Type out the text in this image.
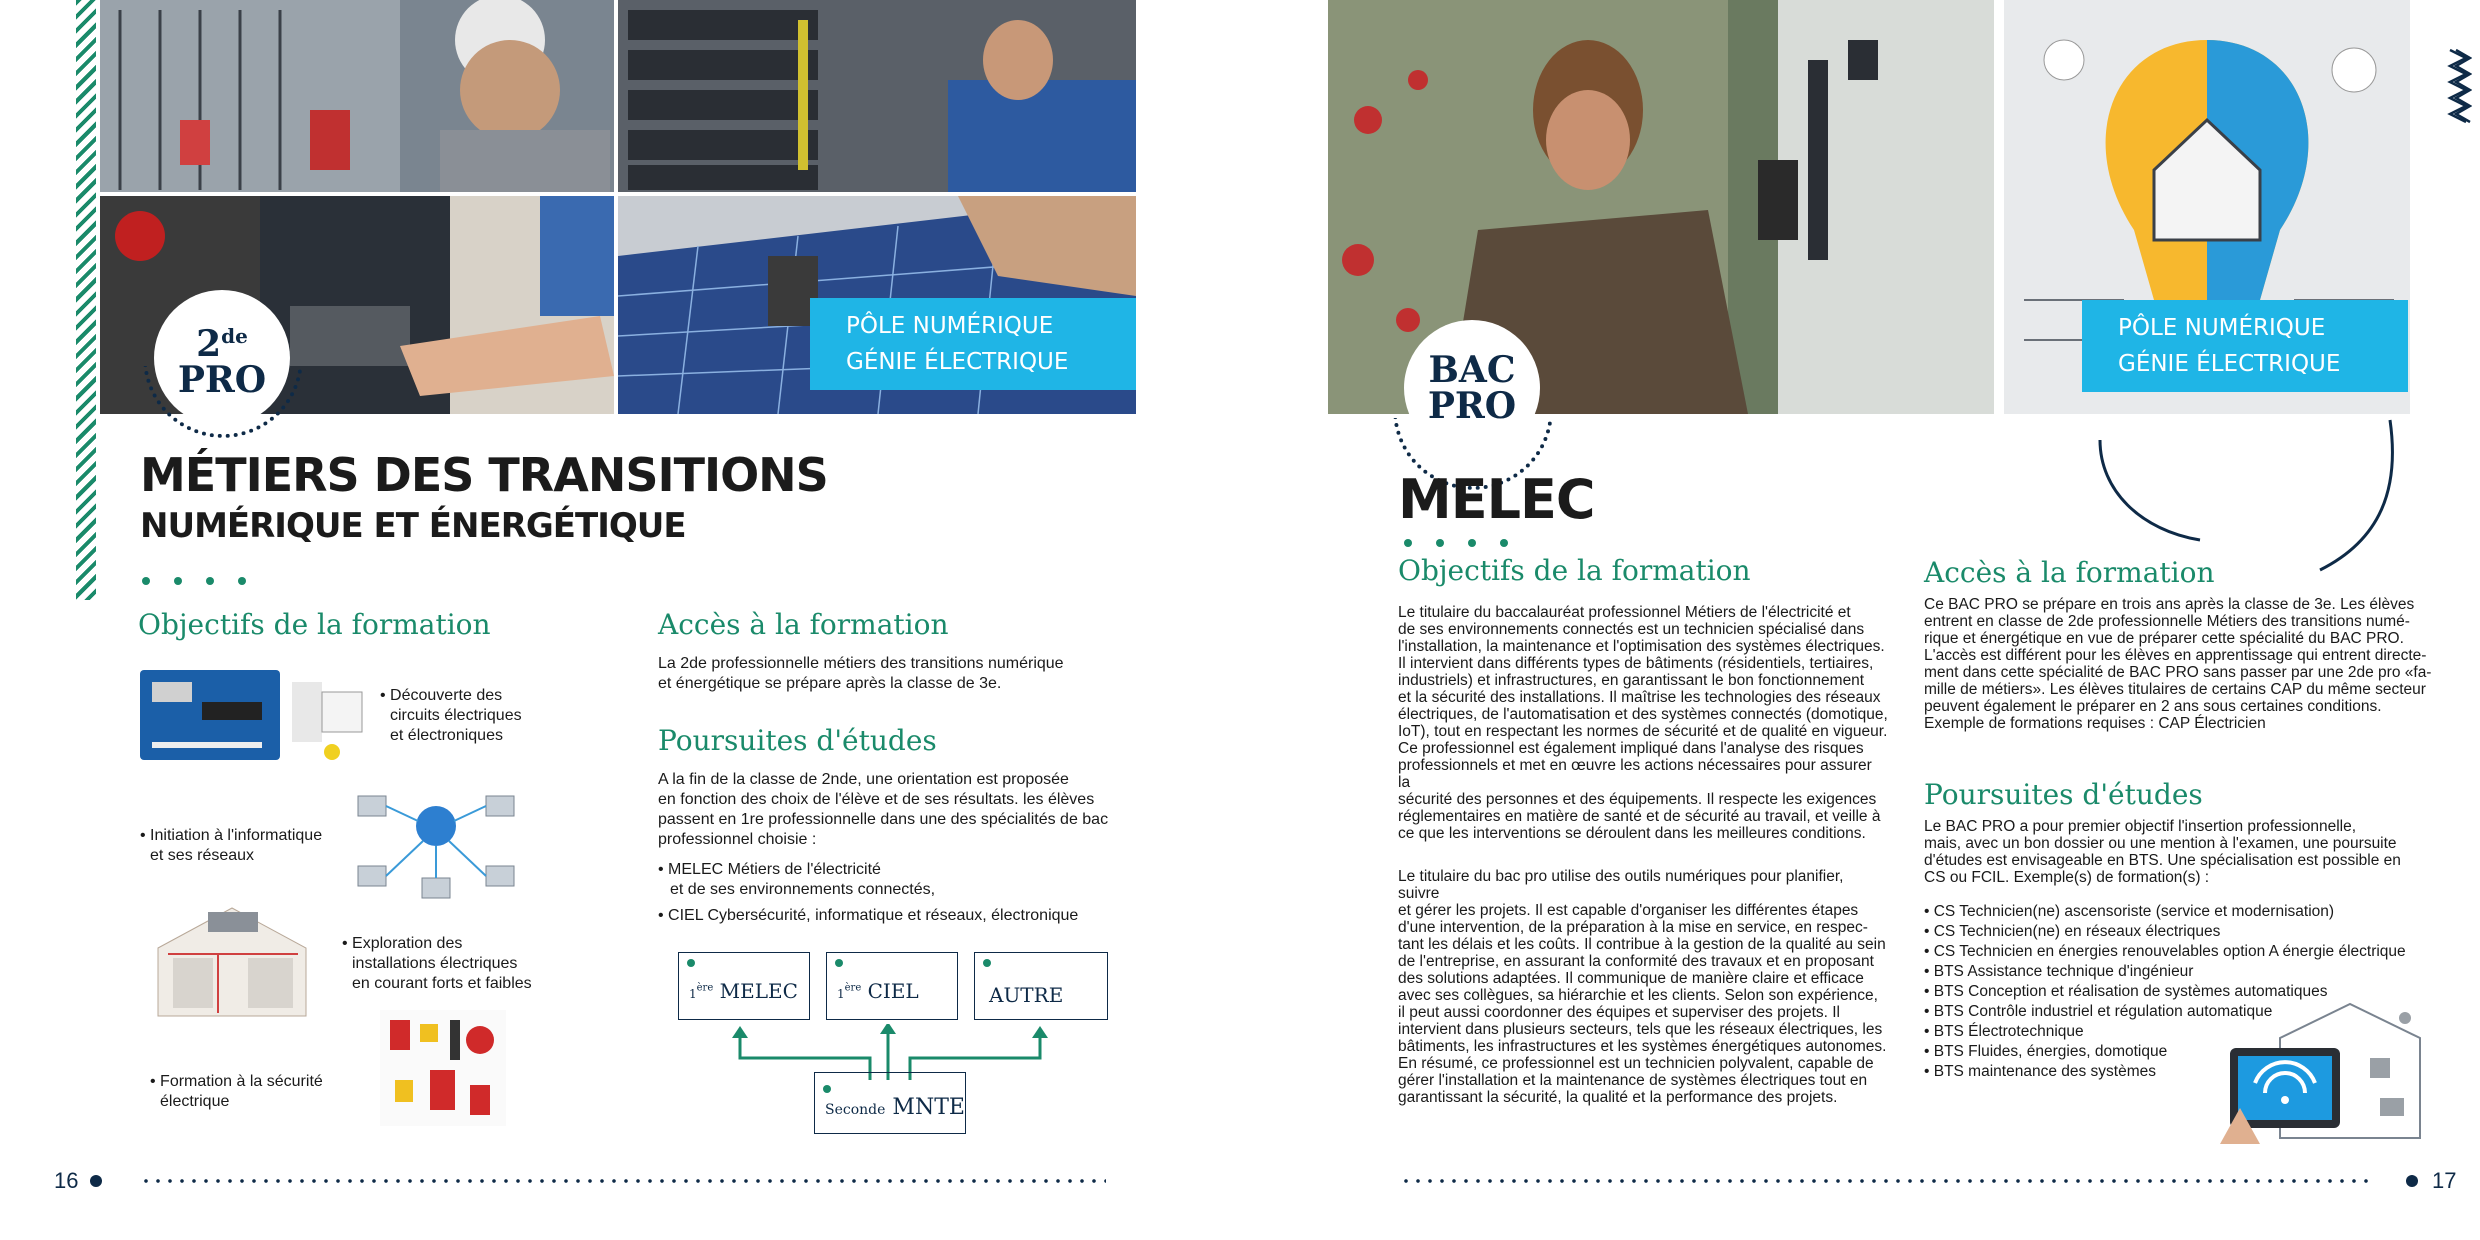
2de
PRO
PÔLE NUMÉRIQUE
GÉNIE ÉLECTRIQUE
MÉTIERS DES TRANSITIONS
NUMÉRIQUE ET ÉNERGÉTIQUE
Objectifs de la formation
• Découverte des
circuits électriques
et électroniques
• Initiation à l'informatique
et ses réseaux
• Exploration des
installations électriques
en courant forts et faibles
• Formation à la sécurité
électrique
Accès à la formation
La 2de professionnelle métiers des transitions numérique
et énergétique se prépare après la classe de 3e.
Poursuites d'études
A la fin de la classe de 2nde, une orientation est proposée
en fonction des choix de l'élève et de ses résultats. les élèves
passent en 1re professionnelle dans une des spécialités de bac
professionnel choisie :
• MELEC Métiers de l'électricité
et de ses environnements connectés,
• CIEL Cybersécurité, informatique et réseaux, électronique
1ère MELEC	1ère CIEL	AUTRE
Seconde MNTE
16
BAC
PRO
PÔLE NUMÉRIQUE
GÉNIE ÉLECTRIQUE
MELEC
Objectifs de la formation
Le titulaire du baccalauréat professionnel Métiers de l'électricité et
de ses environnements connectés est un technicien spécialisé dans
l'installation, la maintenance et l'optimisation des systèmes électriques.
Il intervient dans différents types de bâtiments (résidentiels, tertiaires,
industriels) et infrastructures, en garantissant le bon fonctionnement
et la sécurité des installations. Il maîtrise les technologies des réseaux
électriques, de l'automatisation et des systèmes connectés (domotique,
IoT), tout en respectant les normes de sécurité et de qualité en vigueur.
Ce professionnel est également impliqué dans l'analyse des risques
professionnels et met en œuvre les actions nécessaires pour assurer la
sécurité des personnes et des équipements. Il respecte les exigences
réglementaires en matière de santé et de sécurité au travail, et veille à
ce que les interventions se déroulent dans les meilleures conditions.
Le titulaire du bac pro utilise des outils numériques pour planifier, suivre
et gérer les projets. Il est capable d'organiser les différentes étapes
d'une intervention, de la préparation à la mise en service, en respec-
tant les délais et les coûts. Il contribue à la gestion de la qualité au sein
de l'entreprise, en assurant la conformité des travaux et en proposant
des solutions adaptées. Il communique de manière claire et efficace
avec ses collègues, sa hiérarchie et les clients. Selon son expérience,
il peut aussi coordonner des équipes et superviser des projets. Il
intervient dans plusieurs secteurs, tels que les réseaux électriques, les
bâtiments, les infrastructures et les systèmes énergétiques autonomes.
En résumé, ce professionnel est un technicien polyvalent, capable de
gérer l'installation et la maintenance de systèmes électriques tout en
garantissant la sécurité, la qualité et la performance des projets.
Accès à la formation
Ce BAC PRO se prépare en trois ans après la classe de 3e. Les élèves
entrent en classe de 2de professionnelle Métiers des transitions numé-
rique et énergétique en vue de préparer cette spécialité du BAC PRO.
L'accès est différent pour les élèves en apprentissage qui entrent directe-
ment dans cette spécialité de BAC PRO sans passer par une 2de pro «fa-
mille de métiers». Les élèves titulaires de certains CAP du même secteur
peuvent également le préparer en 2 ans sous certaines conditions.
Exemple de formations requises : CAP Électricien
Poursuites d'études
Le BAC PRO a pour premier objectif l'insertion professionnelle,
mais, avec un bon dossier ou une mention à l'examen, une poursuite
d'études est envisageable en BTS. Une spécialisation est possible en
CS ou FCIL. Exemple(s) de formation(s) :
• CS Technicien(ne) ascensoriste (service et modernisation)
• CS Technicien(ne) en réseaux électriques
• CS Technicien en énergies renouvelables option A énergie électrique
• BTS Assistance technique d'ingénieur
• BTS Conception et réalisation de systèmes automatiques
• BTS Contrôle industriel et régulation automatique
• BTS Électrotechnique
• BTS Fluides, énergies, domotique
• BTS maintenance des systèmes
17
